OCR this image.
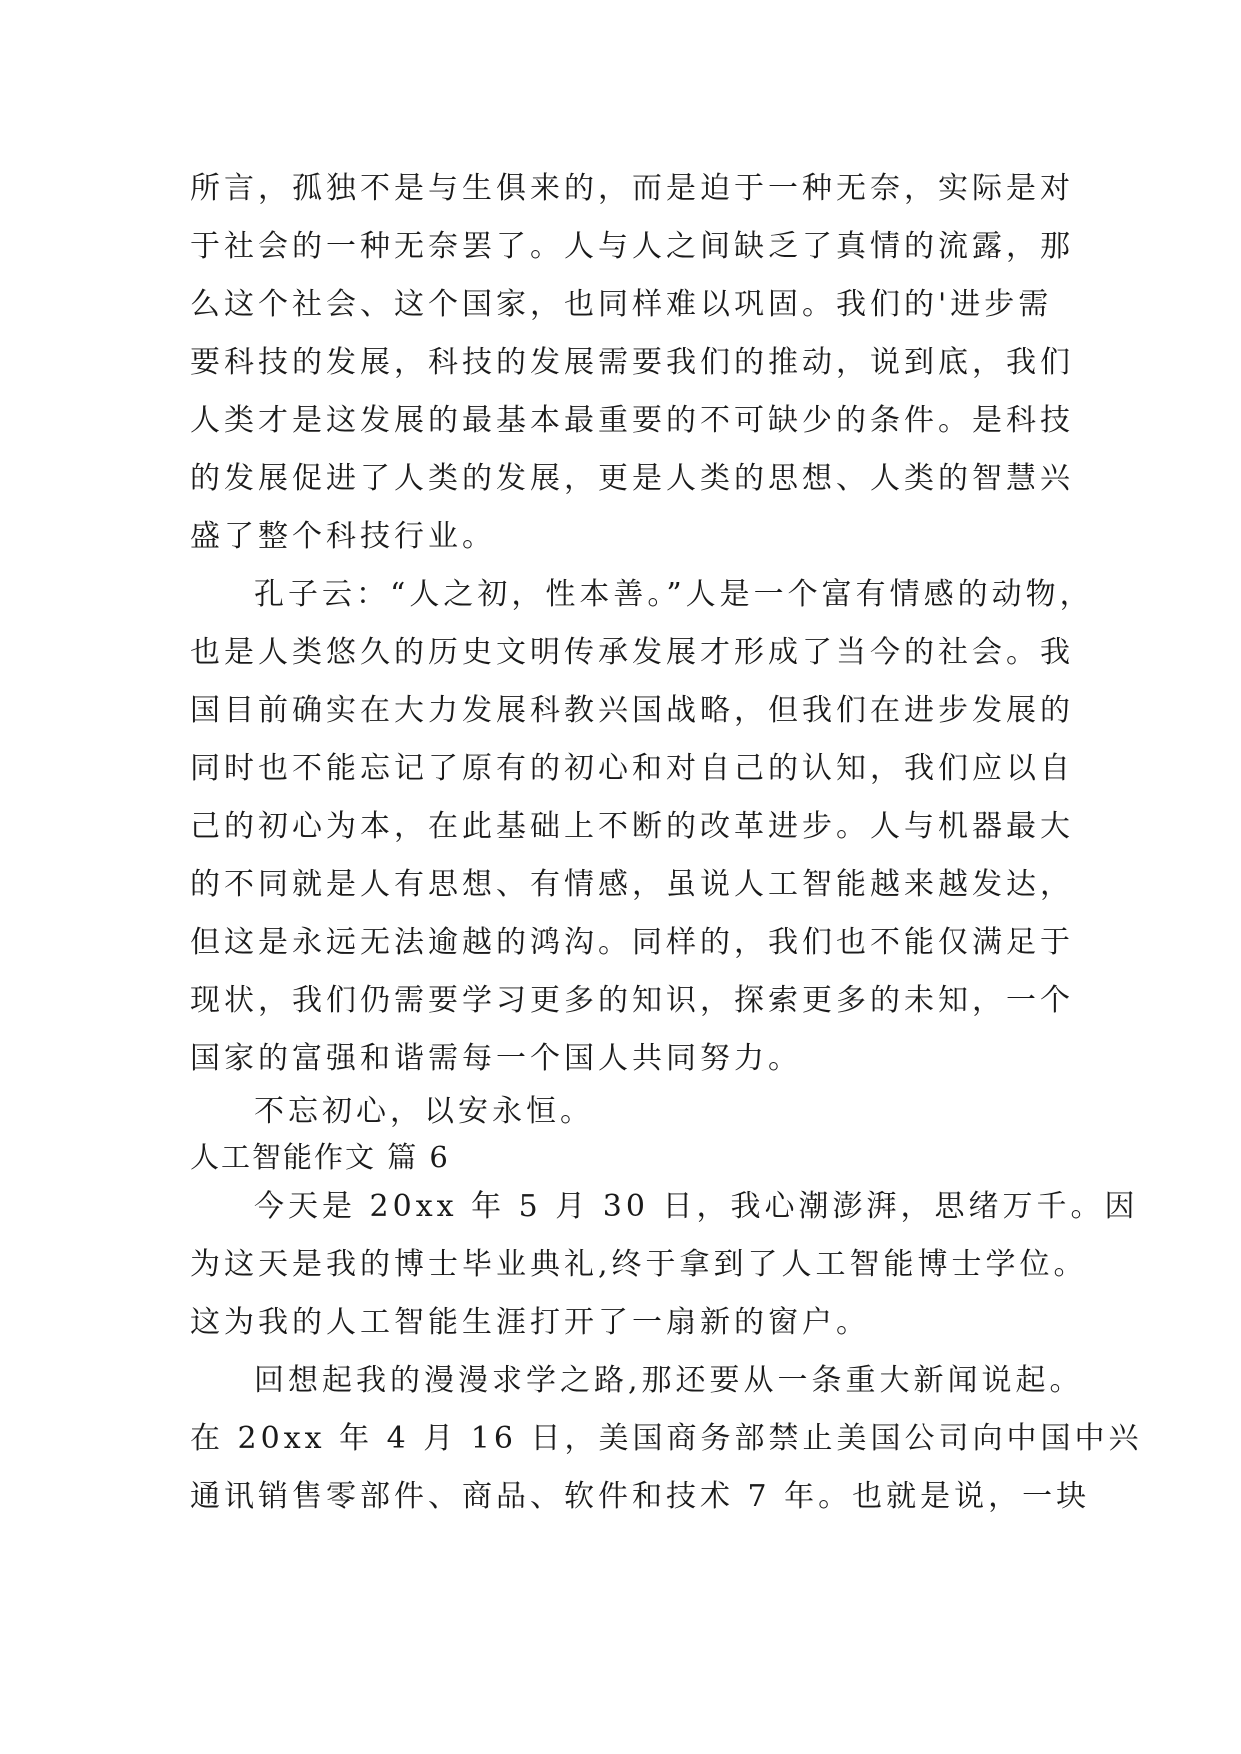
所言，孤独不是与生俱来的，而是迫于一种无奈，实际是对
于社会的一种无奈罢了。人与人之间缺乏了真情的流露，那
么这个社会、这个国家，也同样难以巩固。我们的'进步需
要科技的发展，科技的发展需要我们的推动，说到底，我们
人类才是这发展的最基本最重要的不可缺少的条件。是科技
的发展促进了人类的发展，更是人类的思想、人类的智慧兴
盛了整个科技行业。
孔子云：“人之初，性本善。”人是一个富有情感的动物，
也是人类悠久的历史文明传承发展才形成了当今的社会。我
国目前确实在大力发展科教兴国战略，但我们在进步发展的
同时也不能忘记了原有的初心和对自己的认知，我们应以自
己的初心为本，在此基础上不断的改革进步。人与机器最大
的不同就是人有思想、有情感，虽说人工智能越来越发达，
但这是永远无法逾越的鸿沟。同样的，我们也不能仅满足于
现状，我们仍需要学习更多的知识，探索更多的未知，一个
国家的富强和谐需每一个国人共同努力。
不忘初心，以安永恒。
人工智能作文 篇 6
今天是 20xx 年 5 月 30 日，我心潮澎湃，思绪万千。因
为这天是我的博士毕业典礼,终于拿到了人工智能博士学位。
这为我的人工智能生涯打开了一扇新的窗户。
回想起我的漫漫求学之路,那还要从一条重大新闻说起。
在 20xx 年 4 月 16 日，美国商务部禁止美国公司向中国中兴
通讯销售零部件、商品、软件和技术 7 年。也就是说，一块
